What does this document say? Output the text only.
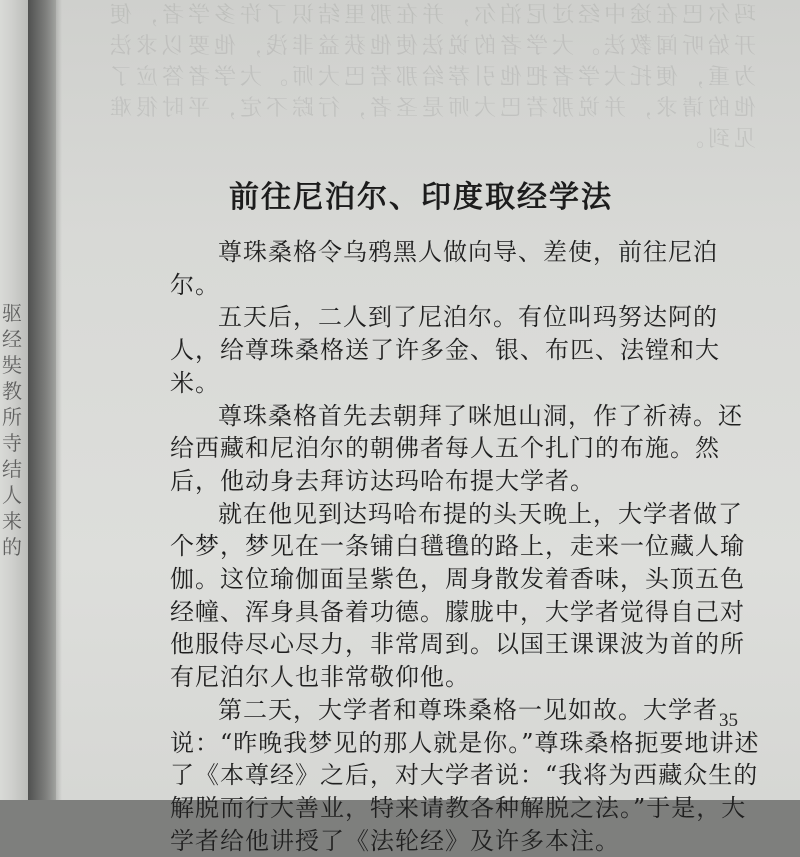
驱经奘教所寺 结人来的
玛尔巴在途中经过尼泊尔，并在那里结识了许多学者，便开始听闻教法。大学者的说法使他获益非浅，他要以求法为重，便托大学者把他引荐给那若巴大师。大学者答应了他的请求，并说那若巴大师是圣者，行踪不定，平时很难见到。
前往尼泊尔、印度取经学法

尊珠桑格令乌鸦黑人做向导、差使，前往尼泊尔。

五天后，二人到了尼泊尔。有位叫玛努达阿的人，给尊珠桑格送了许多金、银、布匹、法镗和大米。

尊珠桑格首先去朝拜了咪旭山洞，作了祈祷。还给西藏和尼泊尔的朝佛者每人五个扎门的布施。然后，他动身去拜访达玛哈布提大学者。

就在他见到达玛哈布提的头天晚上，大学者做了个梦，梦见在一条铺白氆氇的路上，走来一位藏人瑜伽。这位瑜伽面呈紫色，周身散发着香味，头顶五色经幢、浑身具备着功德。朦胧中，大学者觉得自己对他服侍尽心尽力，非常周到。以国王课课波为首的所有尼泊尔人也非常敬仰他。

第二天，大学者和尊珠桑格一见如故。大学者说：“昨晚我梦见的那人就是你。”尊珠桑格扼要地讲述了《本尊经》之后，对大学者说：“我将为西藏众生的解脱而行大善业，特来请教各种解脱之法。”于是，大学者给他讲授了《法轮经》及许多本注。

35
